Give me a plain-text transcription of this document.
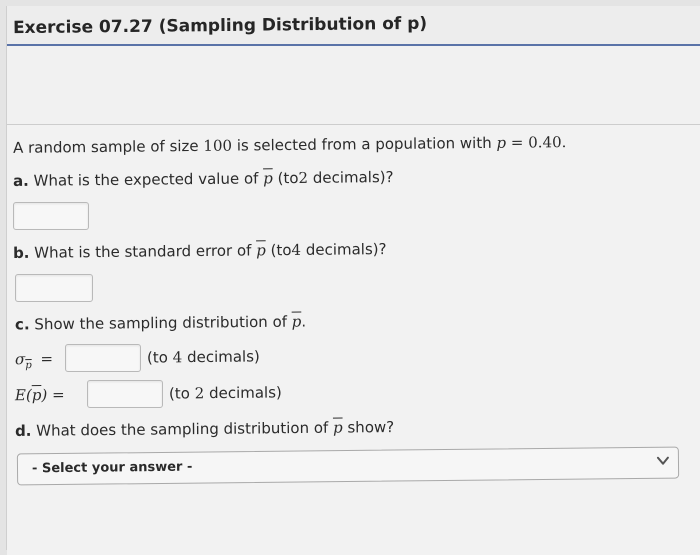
Exercise 07.27 (Sampling Distribution of p)
A random sample of size 100 is selected from a population with p = 0.40.
a. What is the expected value of $\overline{p}$ (to2 decimals)?
b. What is the standard error of $\overline{p}$ (to4 decimals)?
c. Show the sampling distribution of $\overline{p}$.
$\sigma_{\overline{p}}$ =	(to 4 decimals)
$E(\overline{p})$ =	(to 2 decimals)
d. What does the sampling distribution of $\overline{p}$ show?
- Select your answer -
